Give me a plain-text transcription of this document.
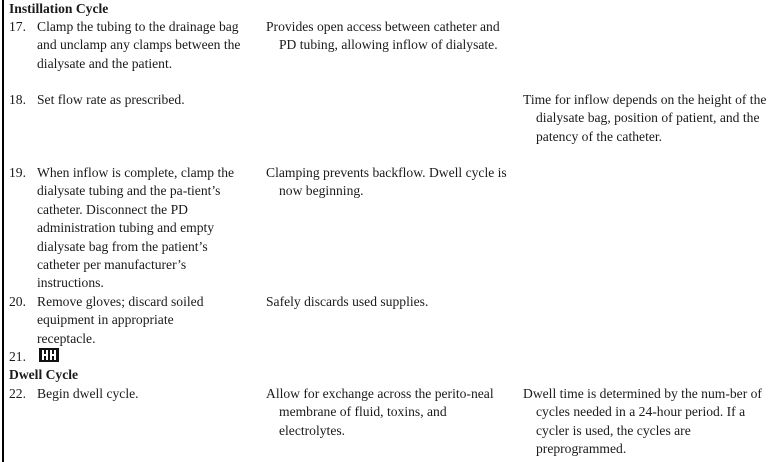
Instillation Cycle
17. Clamp the tubing to the drainage bag and unclamp any clamps between the dialysate and the patient.
Provides open access between catheter and PD tubing, allowing inflow of dialysate.
18. Set flow rate as prescribed.	Time for inflow depends on the height of the dialysate bag, position of patient, and the patency of the catheter.
19. When inflow is complete, clamp the dialysate tubing and the pa-tient’s catheter. Disconnect the PD administration tubing and empty dialysate bag from the patient’s catheter per manufacturer’s instructions.
Clamping prevents backflow. Dwell cycle is now beginning.
20. Remove gloves; discard soiled equipment in appropriate receptacle.
Safely discards used supplies.
21.
Dwell Cycle
22. Begin dwell cycle.	Allow for exchange across the perito-neal membrane of fluid, toxins, and electrolytes.
Dwell time is determined by the num-ber of cycles needed in a 24-hour period. If a cycler is used, the cycles are preprogrammed.
